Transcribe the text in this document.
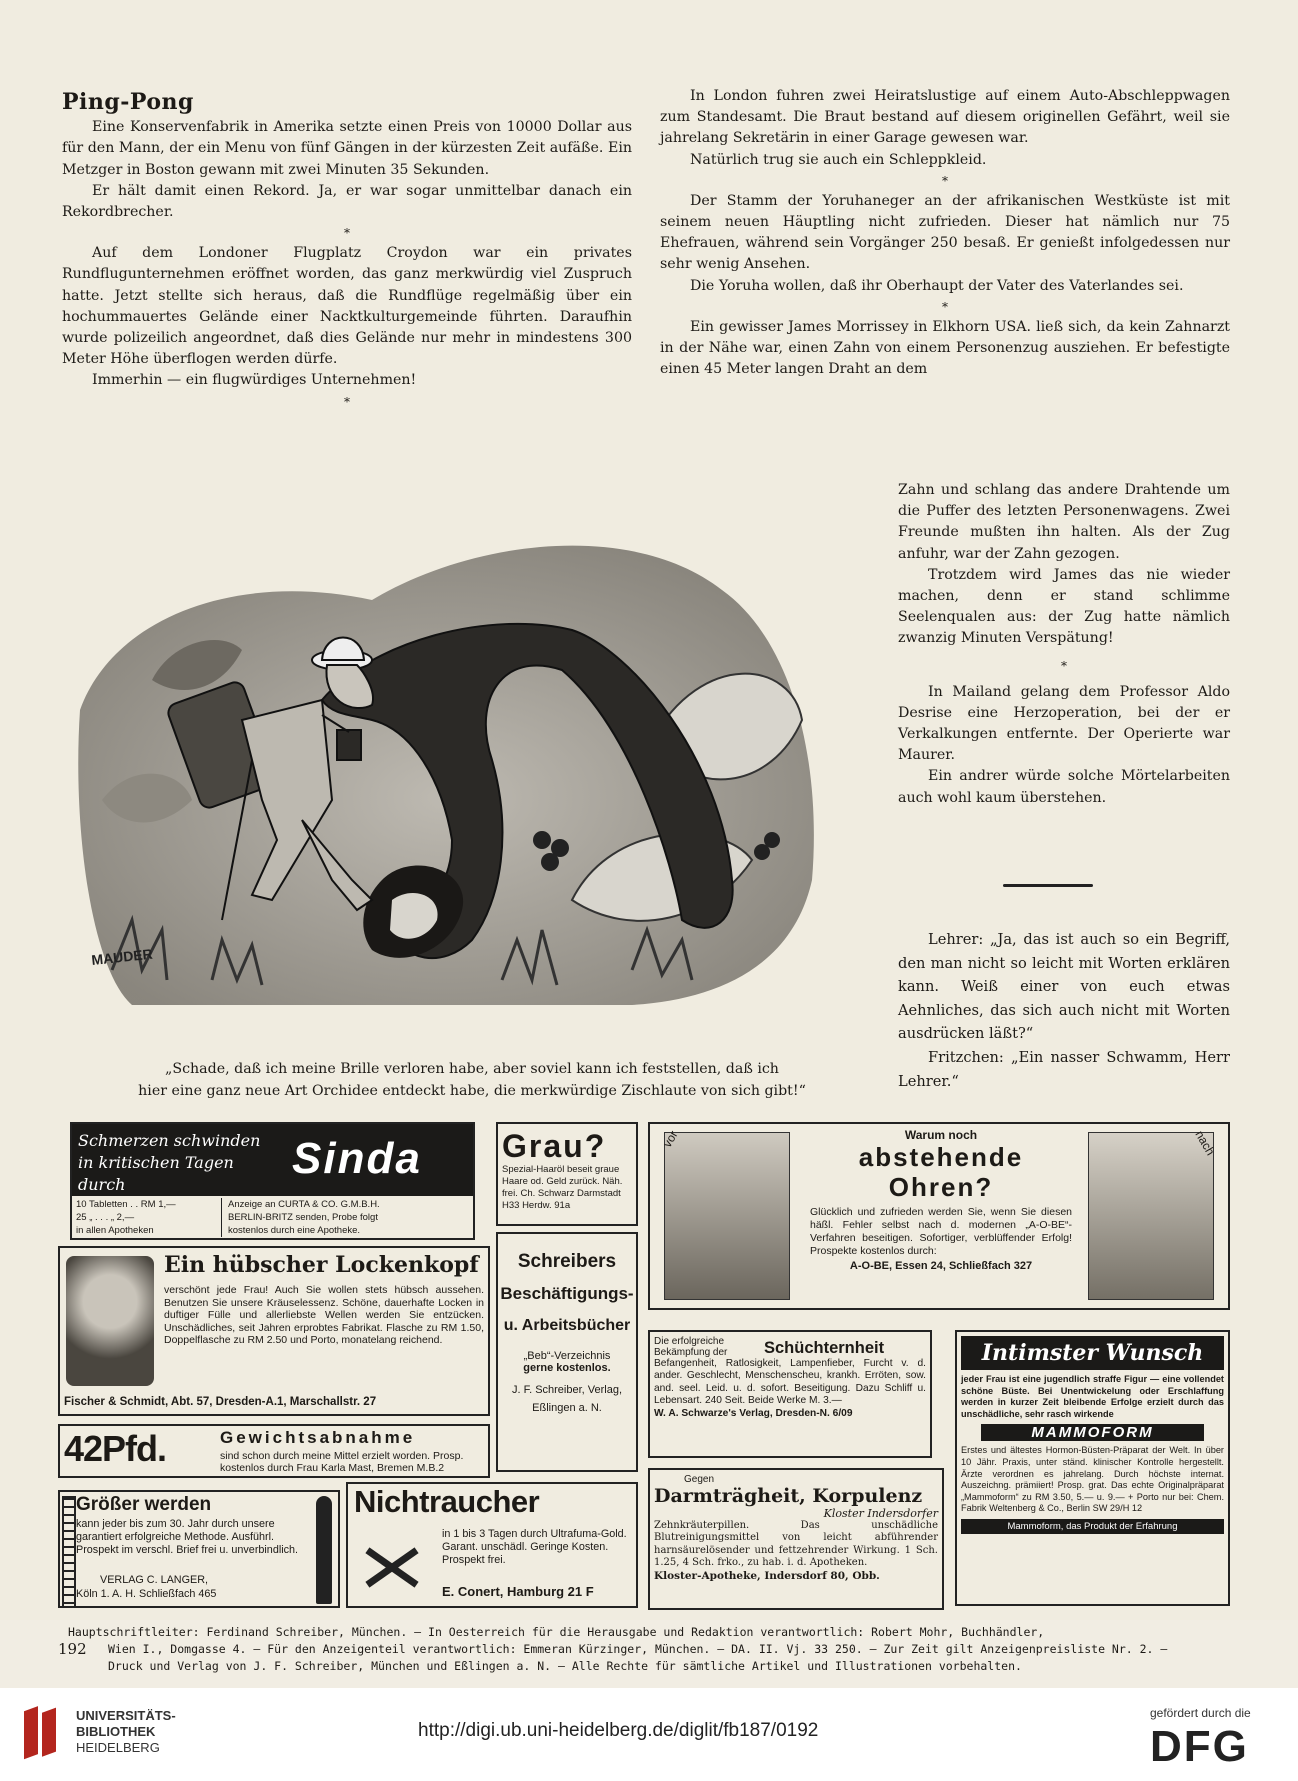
Ping-Pong

Eine Konservenfabrik in Amerika setzte einen Preis von 10000 Dollar aus für den Mann, der ein Menu von fünf Gängen in der kürzesten Zeit aufäße. Ein Metzger in Boston gewann mit zwei Minuten 35 Sekunden.

Er hält damit einen Rekord. Ja, er war sogar unmittelbar danach ein Rekordbrecher.

*

Auf dem Londoner Flugplatz Croydon war ein privates Rundflugunternehmen eröffnet worden, das ganz merkwürdig viel Zuspruch hatte. Jetzt stellte sich heraus, daß die Rundflüge regelmäßig über ein hochummauertes Gelände einer Nacktkulturgemeinde führten. Daraufhin wurde polizeilich angeordnet, daß dies Gelände nur mehr in mindestens 300 Meter Höhe überflogen werden dürfe.

Immerhin — ein flugwürdiges Unternehmen!

*

In London fuhren zwei Heiratslustige auf einem Auto-Abschleppwagen zum Standesamt. Die Braut bestand auf diesem originellen Gefährt, weil sie jahrelang Sekretärin in einer Garage gewesen war.

Natürlich trug sie auch ein Schleppkleid.

*

Der Stamm der Yoruhaneger an der afrikanischen Westküste ist mit seinem neuen Häuptling nicht zufrieden. Dieser hat nämlich nur 75 Ehefrauen, während sein Vorgänger 250 besaß. Er genießt infolgedessen nur sehr wenig Ansehen.

Die Yoruha wollen, daß ihr Oberhaupt der Vater des Vaterlandes sei.

*

Ein gewisser James Morrissey in Elkhorn USA. ließ sich, da kein Zahnarzt in der Nähe war, einen Zahn von einem Personenzug ausziehen. Er befestigte einen 45 Meter langen Draht an dem

Zahn und schlang das andere Drahtende um die Puffer des letzten Personenwagens. Zwei Freunde mußten ihn halten. Als der Zug anfuhr, war der Zahn gezogen.

Trotzdem wird James das nie wieder machen, denn er stand schlimme Seelenqualen aus: der Zug hatte nämlich zwanzig Minuten Verspätung!

*

In Mailand gelang dem Professor Aldo Desrise eine Herzoperation, bei der er Verkalkungen entfernte. Der Operierte war Maurer.

Ein andrer würde solche Mörtelarbeiten auch wohl kaum überstehen.

Lehrer: „Ja, das ist auch so ein Begriff, den man nicht so leicht mit Worten erklären kann. Weiß einer von euch etwas Aehnliches, das sich auch nicht mit Worten ausdrücken läßt?“

Fritzchen: „Ein nasser Schwamm, Herr Lehrer.“

MAUDER
„Schade, daß ich meine Brille verloren habe, aber soviel kann ich feststellen, daß ich
hier eine ganz neue Art Orchidee entdeckt habe, die merkwürdige Zischlaute von sich gibt!“
Schmerzen schwinden in kritischen Tagen durch
Sinda
10 Tabletten . . RM 1,—
25 „ . . . „ 2,—
in allen Apotheken
Anzeige an CURTA & CO. G.M.B.H.
BERLIN-BRITZ senden, Probe folgt
kostenlos durch eine Apotheke.
Grau?
Spezial-Haaröl beseit graue Haare od. Geld zurück. Näh. frei. Ch. Schwarz Darmstadt H33 Herdw. 91a
vor	nach
Warum noch
abstehende
Ohren?
Glücklich und zufrieden werden Sie, wenn Sie diesen häßl. Fehler selbst nach d. modernen „A-O-BE“-Verfahren beseitigen. Sofortiger, verblüffender Erfolg! Prospekte kostenlos durch:
A-O-BE, Essen 24, Schließfach 327
Ein hübscher Lockenkopf
verschönt jede Frau! Auch Sie wollen stets hübsch aussehen. Benutzen Sie unsere Kräuselessenz. Schöne, dauerhafte Locken in duftiger Fülle und allerliebste Wellen werden Sie entzücken. Unschädliches, seit Jahren erprobtes Fabrikat. Flasche zu RM 1.50, Doppelflasche zu RM 2.50 und Porto, monatelang reichend.
Fischer & Schmidt, Abt. 57, Dresden-A.1, Marschallstr. 27
Schreibers
Beschäftigungs-
u. Arbeitsbücher
„Beb“-Verzeichnis
gerne kostenlos.
J. F. Schreiber, Verlag,
Eßlingen a. N.
Die erfolgreiche Bekämpfung der	Schüchternheit
Befangenheit, Ratlosigkeit, Lampenfieber, Furcht v. d. ander. Geschlecht, Menschenscheu, krankh. Erröten, sow. and. seel. Leid. u. d. sofort. Beseitigung. Dazu Schliff u. Lebensart. 240 Seit. Beide Werke M. 3.—
W. A. Schwarze's Verlag, Dresden-N. 6/09
Intimster Wunsch
jeder Frau ist eine jugendlich straffe Figur — eine vollendet schöne Büste. Bei Unentwickelung oder Erschlaffung werden in kurzer Zeit bleibende Erfolge erzielt durch das unschädliche, sehr rasch wirkende
MAMMOFORM
Erstes und ältestes Hormon-Büsten-Präparat der Welt. In über 10 Jähr. Praxis, unter ständ. klinischer Kontrolle hergestellt. Ärzte verordnen es jahrelang. Durch höchste internat. Auszeichng. prämiiert! Prosp. grat. Das echte Originalpräparat „Mammoform“ zu RM 3.50, 5.— u. 9.— + Porto nur bei: Chem. Fabrik Weltenberg & Co., Berlin SW 29/H 12
Mammoform, das Produkt der Erfahrung
42Pfd.	Gewichtsabnahme
sind schon durch meine Mittel erzielt worden. Prosp. kostenlos durch Frau Karla Mast, Bremen M.B.2
Größer werden
kann jeder bis zum 30. Jahr durch unsere garantiert erfolgreiche Methode. Ausführl. Prospekt im verschl. Brief frei u. unverbindlich.
VERLAG C. LANGER,
Köln 1. A. H. Schließfach 465
Nichtraucher
in 1 bis 3 Tagen durch Ultrafuma-Gold. Garant. unschädl. Geringe Kosten. Prospekt frei.
E. Conert, Hamburg 21 F
Gegen
Darmträgheit, Korpulenz
Kloster Indersdorfer
Zehnkräuterpillen. Das unschädliche Blutreinigungsmittel von leicht abführender harnsäurelösender und fettzehrender Wirkung. 1 Sch. 1.25, 4 Sch. frko., zu hab. i. d. Apotheken.
Kloster-Apotheke, Indersdorf 80, Obb.
Hauptschriftleiter: Ferdinand Schreiber, München. — In Oesterreich für die Herausgabe und Redaktion verantwortlich: Robert Mohr, Buchhändler,
Wien I., Domgasse 4. — Für den Anzeigenteil verantwortlich: Emmeran Kürzinger, München. — DA. II. Vj. 33 250. — Zur Zeit gilt Anzeigenpreisliste Nr. 2. —
Druck und Verlag von J. F. Schreiber, München und Eßlingen a. N. — Alle Rechte für sämtliche Artikel und Illustrationen vorbehalten.
192
UNIVERSITÄTS-
BIBLIOTHEK
HEIDELBERG
http://digi.ub.uni-heidelberg.de/diglit/fb187/0192
gefördert durch die
DFG
